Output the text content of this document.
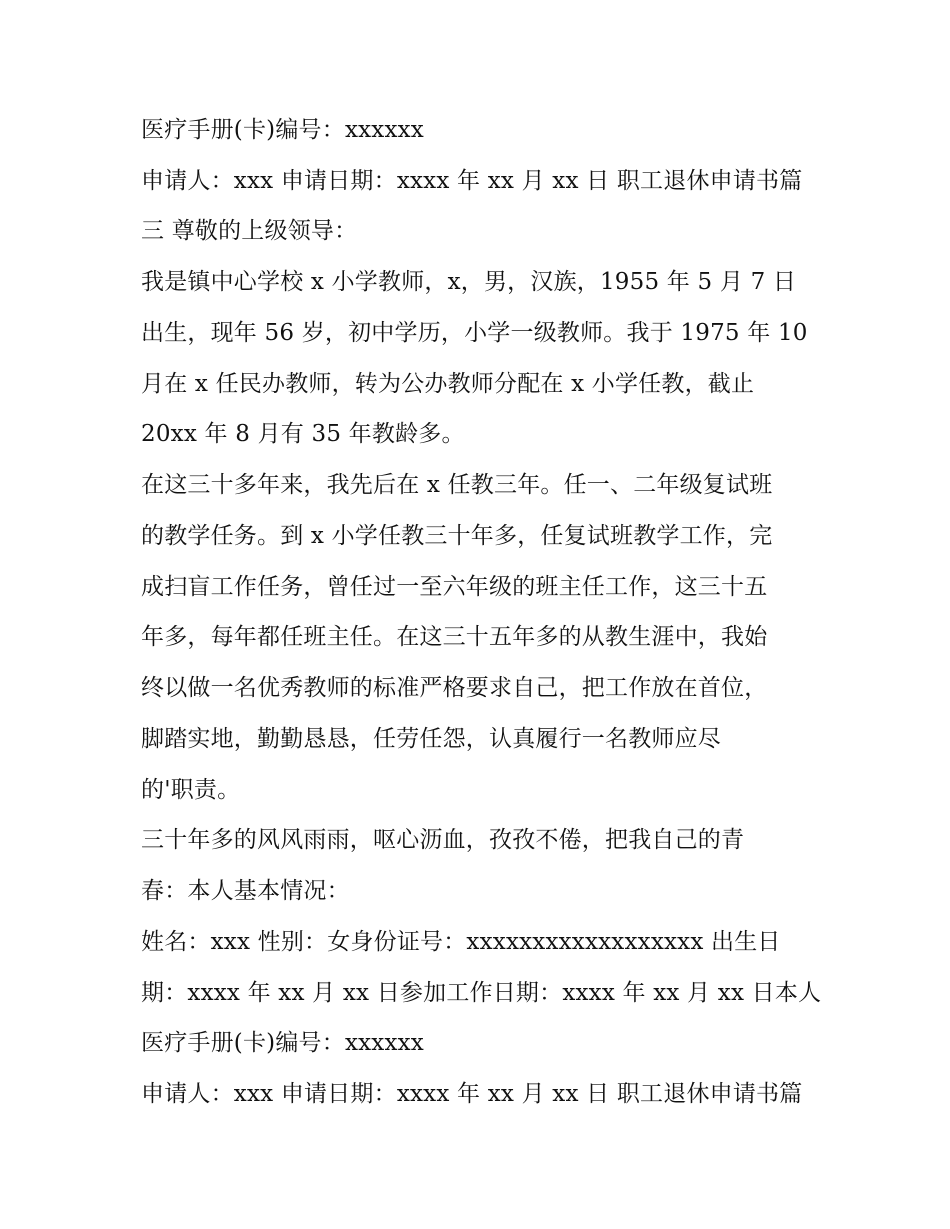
医疗手册(卡)编号：xxxxxx
申请人：xxx 申请日期：xxxx 年 xx 月 xx 日 职工退休申请书篇
三 尊敬的上级领导：
我是镇中心学校 x 小学教师，x，男，汉族，1955 年 5 月 7 日
出生，现年 56 岁，初中学历，小学一级教师。我于 1975 年 10
月在 x 任民办教师，转为公办教师分配在 x 小学任教，截止
20xx 年 8 月有 35 年教龄多。
在这三十多年来，我先后在 x 任教三年。任一、二年级复试班
的教学任务。到 x 小学任教三十年多，任复试班教学工作，完
成扫盲工作任务，曾任过一至六年级的班主任工作，这三十五
年多，每年都任班主任。在这三十五年多的从教生涯中，我始
终以做一名优秀教师的标准严格要求自己，把工作放在首位，
脚踏实地，勤勤恳恳，任劳任怨，认真履行一名教师应尽
的'职责。
三十年多的风风雨雨，呕心沥血，孜孜不倦，把我自己的青
春：本人基本情况：
姓名：xxx 性别：女身份证号：xxxxxxxxxxxxxxxxxx 出生日
期：xxxx 年 xx 月 xx 日参加工作日期：xxxx 年 xx 月 xx 日本人
医疗手册(卡)编号：xxxxxx
申请人：xxx 申请日期：xxxx 年 xx 月 xx 日 职工退休申请书篇
